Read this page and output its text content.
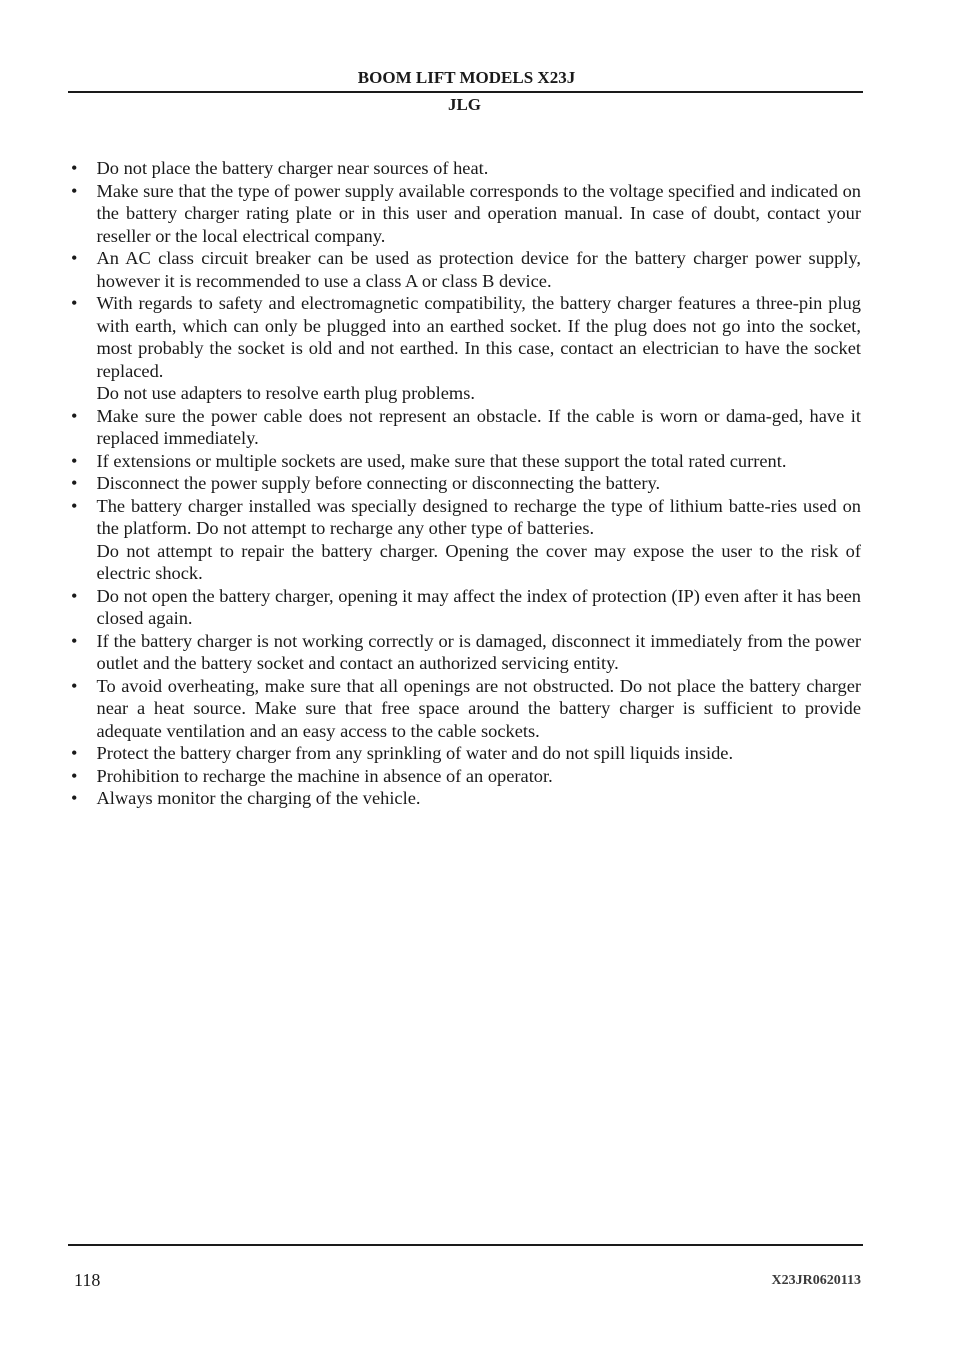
BOOM LIFT MODELS X23J
JLG
• Do not place the battery charger near sources of heat.
• Make sure that the type of power supply available corresponds to the voltage specified and indicated on the battery charger rating plate or in this user and operation manual. In case of doubt, contact your reseller or the local electrical company.
• An AC class circuit breaker can be used as protection device for the battery charger power supply, however it is recommended to use a class A or class B device.
• With regards to safety and electromagnetic compatibility, the battery charger features a three-pin plug with earth, which can only be plugged into an earthed socket. If the plug does not go into the socket, most probably the socket is old and not earthed. In this case, contact an electrician to have the socket replaced.
Do not use adapters to resolve earth plug problems.
• Make sure the power cable does not represent an obstacle. If the cable is worn or dama-ged, have it replaced immediately.
• If extensions or multiple sockets are used, make sure that these support the total rated current.
• Disconnect the power supply before connecting or disconnecting the battery.
• The battery charger installed was specially designed to recharge the type of lithium batte-ries used on the platform. Do not attempt to recharge any other type of batteries.
Do not attempt to repair the battery charger. Opening the cover may expose the user to the risk of electric shock.
• Do not open the battery charger, opening it may affect the index of protection (IP) even after it has been closed again.
• If the battery charger is not working correctly or is damaged, disconnect it immediately from the power outlet and the battery socket and contact an authorized servicing entity.
• To avoid overheating, make sure that all openings are not obstructed. Do not place the battery charger near a heat source. Make sure that free space around the battery charger is sufficient to provide adequate ventilation and an easy access to the cable sockets.
• Protect the battery charger from any sprinkling of water and do not spill liquids inside.
• Prohibition to recharge the machine in absence of an operator.
• Always monitor the charging of the vehicle.
118	X23JR0620113
